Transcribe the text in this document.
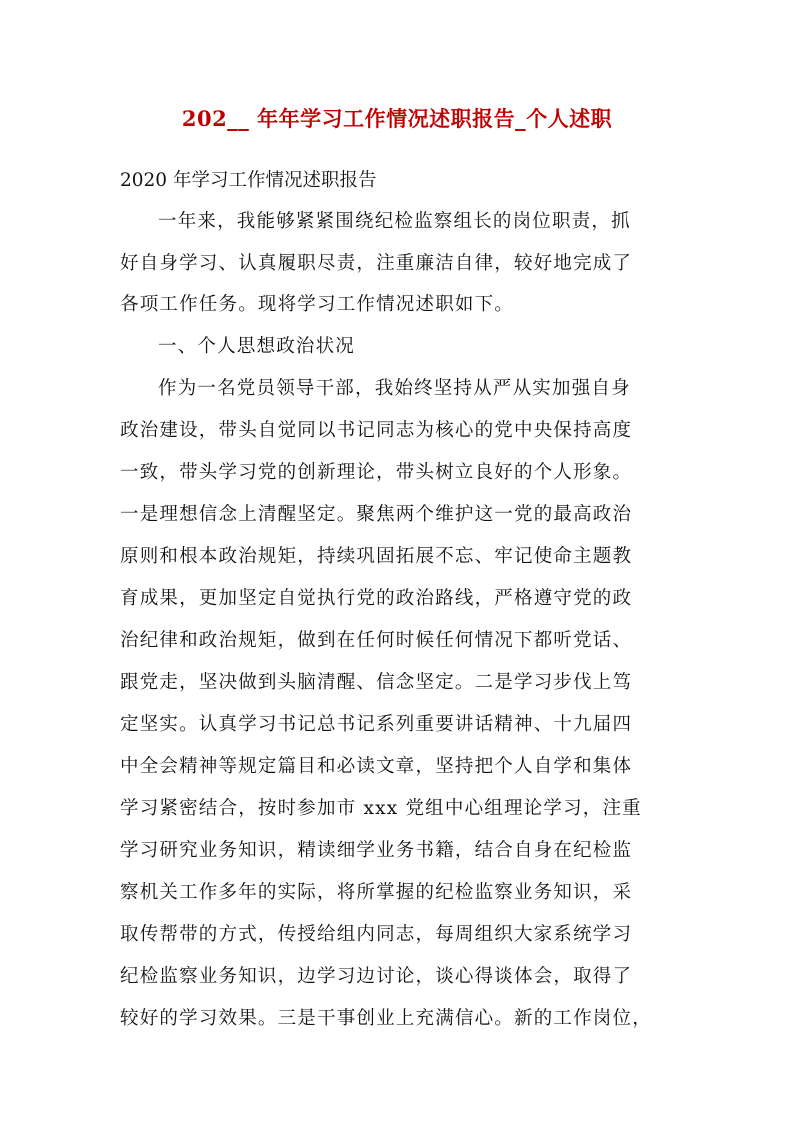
202__ 年年学习工作情况述职报告_个人述职
2020 年学习工作情况述职报告
一年来，我能够紧紧围绕纪检监察组长的岗位职责，抓
好自身学习、认真履职尽责，注重廉洁自律，较好地完成了
各项工作任务。现将学习工作情况述职如下。
一、个人思想政治状况
作为一名党员领导干部，我始终坚持从严从实加强自身
政治建设，带头自觉同以书记同志为核心的党中央保持高度
一致，带头学习党的创新理论，带头树立良好的个人形象。
一是理想信念上清醒坚定。聚焦两个维护这一党的最高政治
原则和根本政治规矩，持续巩固拓展不忘、牢记使命主题教
育成果，更加坚定自觉执行党的政治路线，严格遵守党的政
治纪律和政治规矩，做到在任何时候任何情况下都听党话、
跟党走，坚决做到头脑清醒、信念坚定。二是学习步伐上笃
定坚实。认真学习书记总书记系列重要讲话精神、十九届四
中全会精神等规定篇目和必读文章，坚持把个人自学和集体
学习紧密结合，按时参加市 xxx 党组中心组理论学习，注重
学习研究业务知识，精读细学业务书籍，结合自身在纪检监
察机关工作多年的实际，将所掌握的纪检监察业务知识，采
取传帮带的方式，传授给组内同志，每周组织大家系统学习
纪检监察业务知识，边学习边讨论，谈心得谈体会，取得了
较好的学习效果。三是干事创业上充满信心。新的工作岗位，
